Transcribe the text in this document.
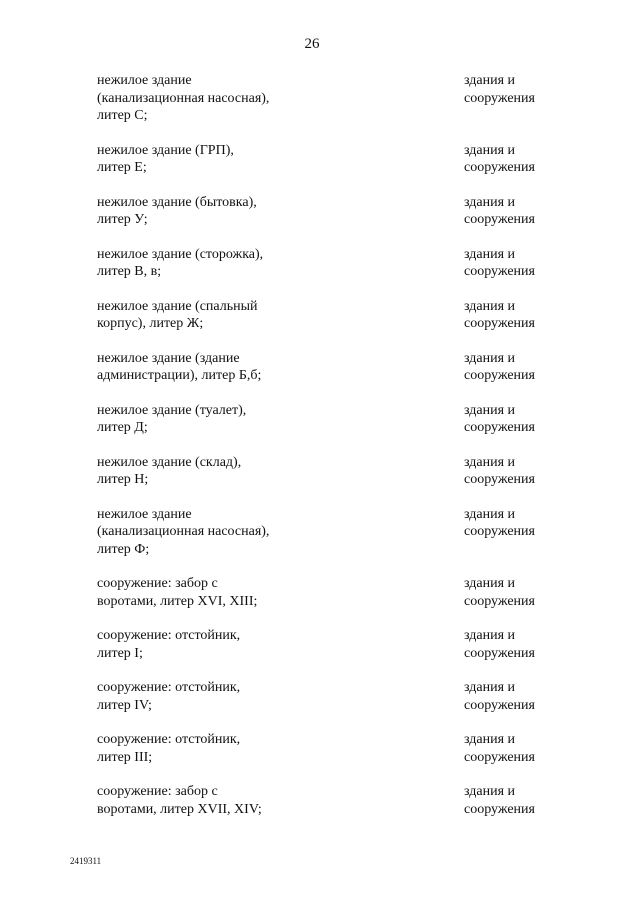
26
нежилое здание
(канализационная насосная),
литер С;
здания и
сооружения
нежилое здание (ГРП),
литер Е;
здания и
сооружения
нежилое здание (бытовка),
литер У;
здания и
сооружения
нежилое здание (сторожка),
литер В, в;
здания и
сооружения
нежилое здание (спальный
корпус), литер Ж;
здания и
сооружения
нежилое здание (здание
администрации), литер Б,б;
здания и
сооружения
нежилое здание (туалет),
литер Д;
здания и
сооружения
нежилое здание (склад),
литер Н;
здания и
сооружения
нежилое здание
(канализационная насосная),
литер Ф;
здания и
сооружения
сооружение: забор с
воротами, литер XVI, XIII;
здания и
сооружения
сооружение: отстойник,
литер I;
здания и
сооружения
сооружение: отстойник,
литер IV;
здания и
сооружения
сооружение: отстойник,
литер III;
здания и
сооружения
сооружение: забор с
воротами, литер XVII, XIV;
здания и
сооружения
2419311
